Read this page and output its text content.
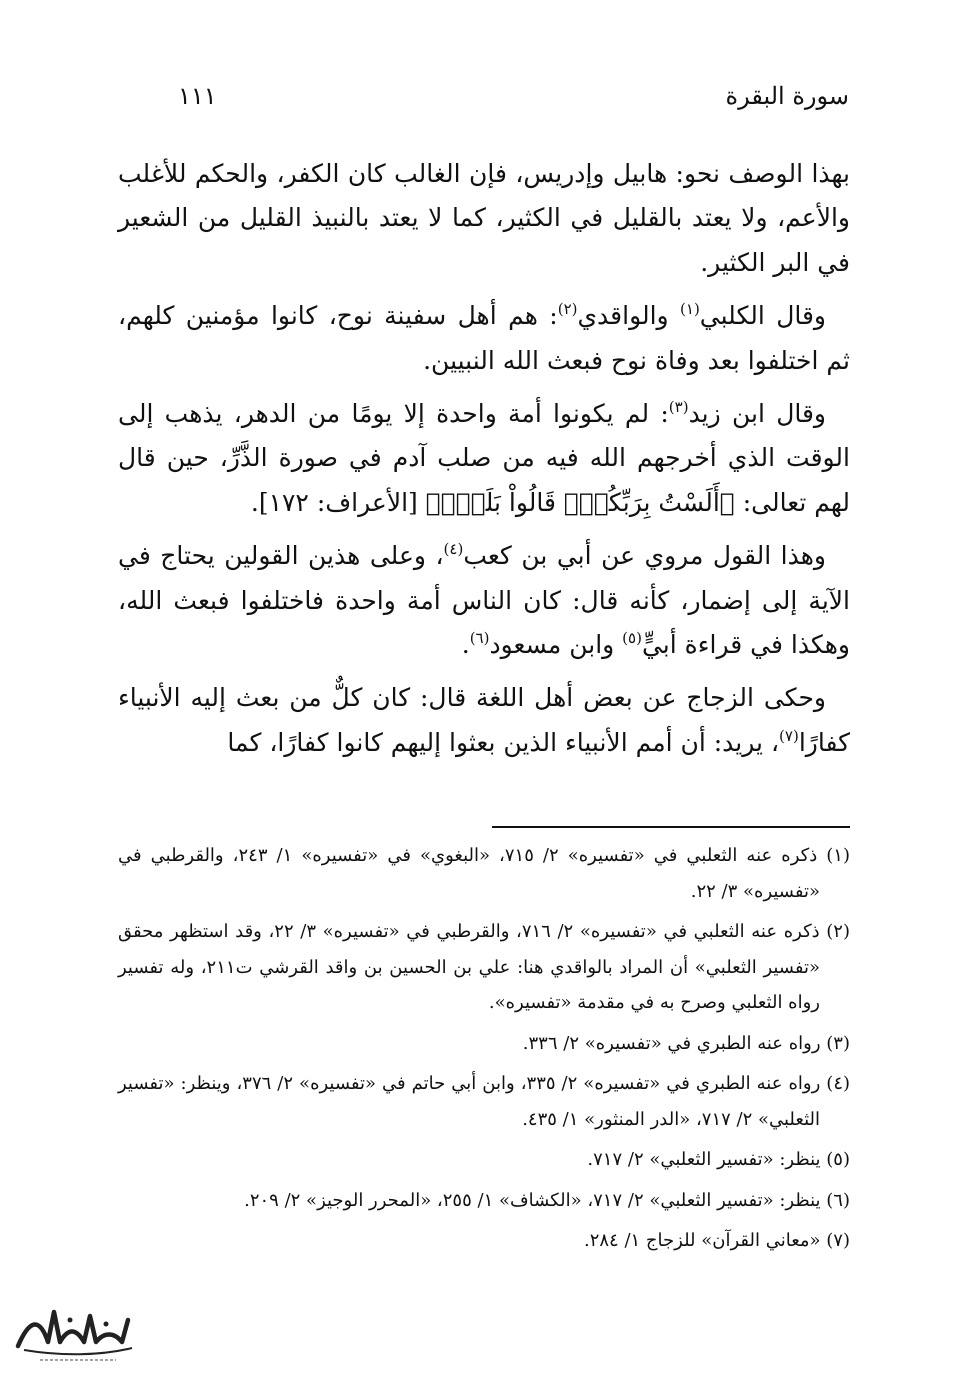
سورة البقرة
١١١

بهذا الوصف نحو: هابيل وإدريس، فإن الغالب كان الكفر، والحكم للأغلب والأعم، ولا يعتد بالقليل في الكثير، كما لا يعتد بالنبيذ القليل من الشعير في البر الكثير.

وقال الكلبي$^{(١)}$ والواقدي$^{(٢)}$: هم أهل سفينة نوح، كانوا مؤمنين كلهم، ثم اختلفوا بعد وفاة نوح فبعث الله النبيين.

وقال ابن زيد$^{(٣)}$: لم يكونوا أمة واحدة إلا يومًا من الدهر، يذهب إلى الوقت الذي أخرجهم الله فيه من صلب آدم في صورة الذَّرِّ، حين قال لهم تعالى: ﴿أَلَسْتُ بِرَبِّكُمْۖ قَالُواْ بَلَىٰۛ﴾ [الأعراف: ١٧٢].

وهذا القول مروي عن أبي بن كعب$^{(٤)}$، وعلى هذين القولين يحتاج في الآية إلى إضمار، كأنه قال: كان الناس أمة واحدة فاختلفوا فبعث الله، وهكذا في قراءة أبيٍّ$^{(٥)}$ وابن مسعود$^{(٦)}$.

وحكى الزجاج عن بعض أهل اللغة قال: كان كلٌّ من بعث إليه الأنبياء كفارًا$^{(٧)}$، يريد: أن أمم الأنبياء الذين بعثوا إليهم كانوا كفارًا، كما

(١) ذكره عنه الثعلبي في «تفسيره» ٢/ ٧١٥، «البغوي» في «تفسيره» ١/ ٢٤٣، والقرطبي في «تفسيره» ٣/ ٢٢.
(٢) ذكره عنه الثعلبي في «تفسيره» ٢/ ٧١٦، والقرطبي في «تفسيره» ٣/ ٢٢، وقد استظهر محقق «تفسير الثعلبي» أن المراد بالواقدي هنا: علي بن الحسين بن واقد القرشي ت٢١١، وله تفسير رواه الثعلبي وصرح به في مقدمة «تفسيره».
(٣) رواه عنه الطبري في «تفسيره» ٢/ ٣٣٦.
(٤) رواه عنه الطبري في «تفسيره» ٢/ ٣٣٥، وابن أبي حاتم في «تفسيره» ٢/ ٣٧٦، وينظر: «تفسير الثعلبي» ٢/ ٧١٧، «الدر المنثور» ١/ ٤٣٥.
(٥) ينظر: «تفسير الثعلبي» ٢/ ٧١٧.
(٦) ينظر: «تفسير الثعلبي» ٢/ ٧١٧، «الكشاف» ١/ ٢٥٥، «المحرر الوجيز» ٢/ ٢٠٩.
(٧) «معاني القرآن» للزجاج ١/ ٢٨٤.
